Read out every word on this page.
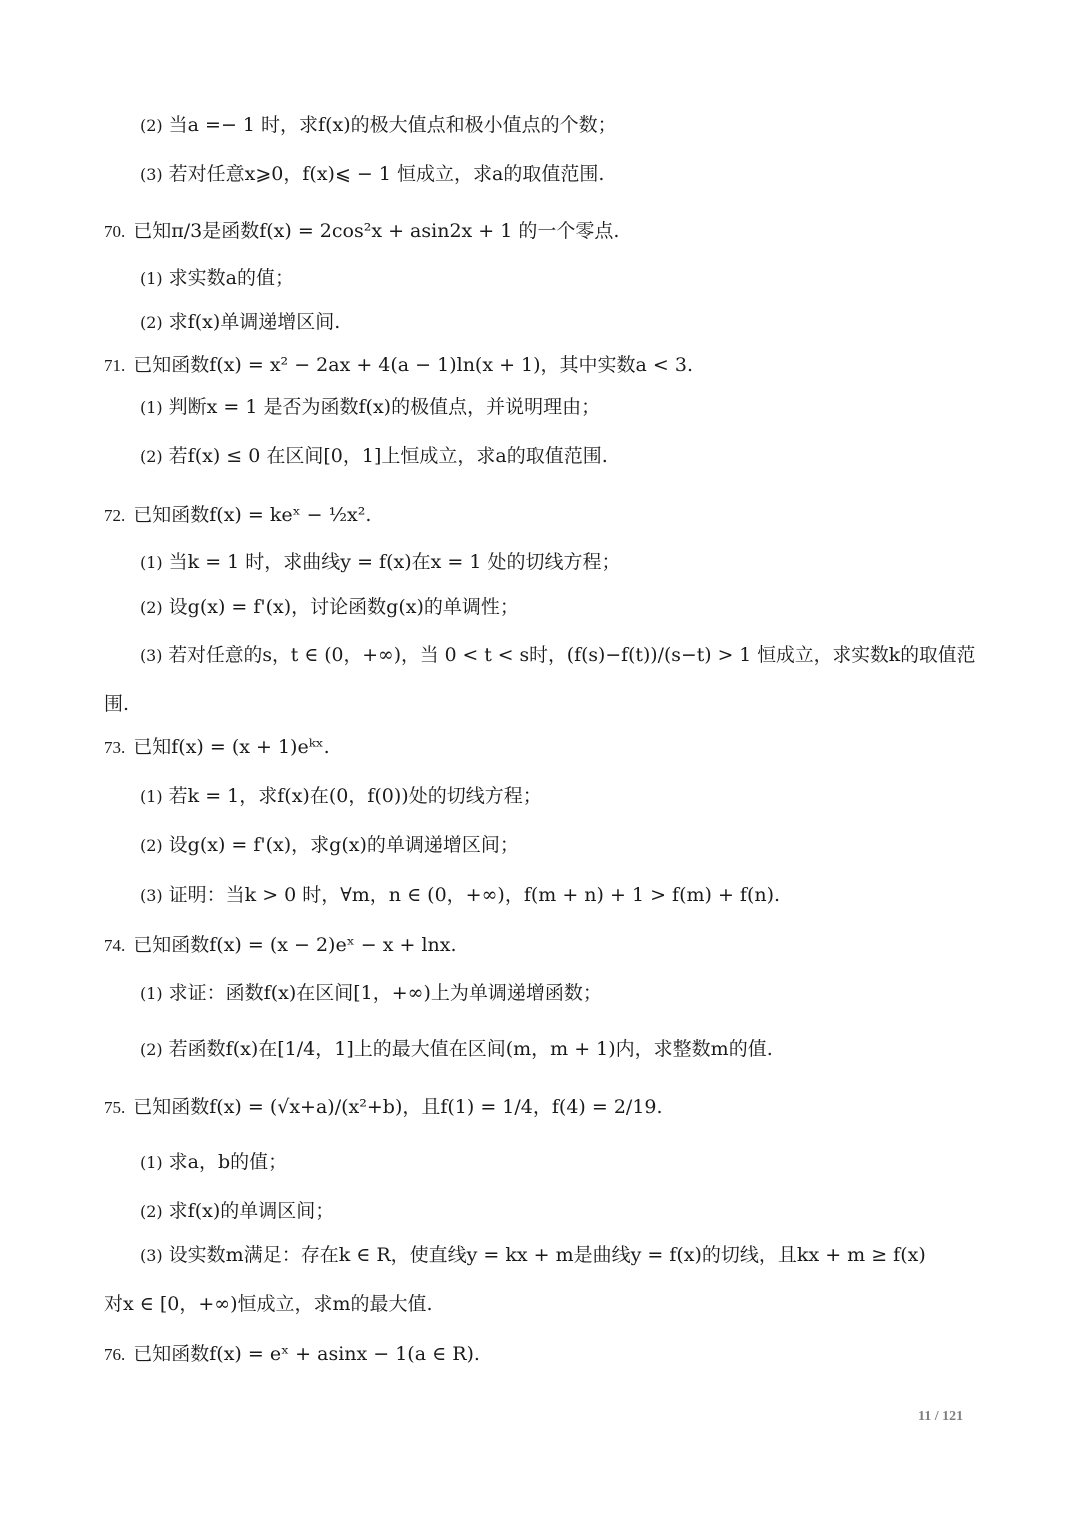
(2) 当a =− 1 时，求f(x)的极大值点和极小值点的个数；
(3) 若对任意x⩾0，f(x)⩽ − 1 恒成立，求a的取值范围.
70. 已知π/3是函数f(x) = 2cos²x + asin2x + 1 的一个零点.
(1) 求实数a的值；
(2) 求f(x)单调递增区间.
71. 已知函数f(x) = x² − 2ax + 4(a − 1)ln(x + 1)，其中实数a < 3.
(1) 判断x = 1 是否为函数f(x)的极值点，并说明理由；
(2) 若f(x) ≤ 0 在区间[0，1]上恒成立，求a的取值范围.
72. 已知函数f(x) = keˣ − ½x².
(1) 当k = 1 时，求曲线y = f(x)在x = 1 处的切线方程；
(2) 设g(x) = f'(x)，讨论函数g(x)的单调性；
(3) 若对任意的s，t ∈ (0，+∞)，当 0 < t < s时，(f(s)−f(t))/(s−t) > 1 恒成立，求实数k的取值范
围.
73. 已知f(x) = (x + 1)eᵏˣ.
(1) 若k = 1，求f(x)在(0，f(0))处的切线方程；
(2) 设g(x) = f'(x)，求g(x)的单调递增区间；
(3) 证明：当k > 0 时，∀m，n ∈ (0，+∞)，f(m + n) + 1 > f(m) + f(n).
74. 已知函数f(x) = (x − 2)eˣ − x + lnx.
(1) 求证：函数f(x)在区间[1，+∞)上为单调递增函数；
(2) 若函数f(x)在[1/4，1]上的最大值在区间(m，m + 1)内，求整数m的值.
75. 已知函数f(x) = (√x+a)/(x²+b)，且f(1) = 1/4，f(4) = 2/19.
(1) 求a，b的值；
(2) 求f(x)的单调区间；
(3) 设实数m满足：存在k ∈ R，使直线y = kx + m是曲线y = f(x)的切线，且kx + m ≥ f(x)
对x ∈ [0，+∞)恒成立，求m的最大值.
76. 已知函数f(x) = eˣ + asinx − 1(a ∈ R).
11 / 121
